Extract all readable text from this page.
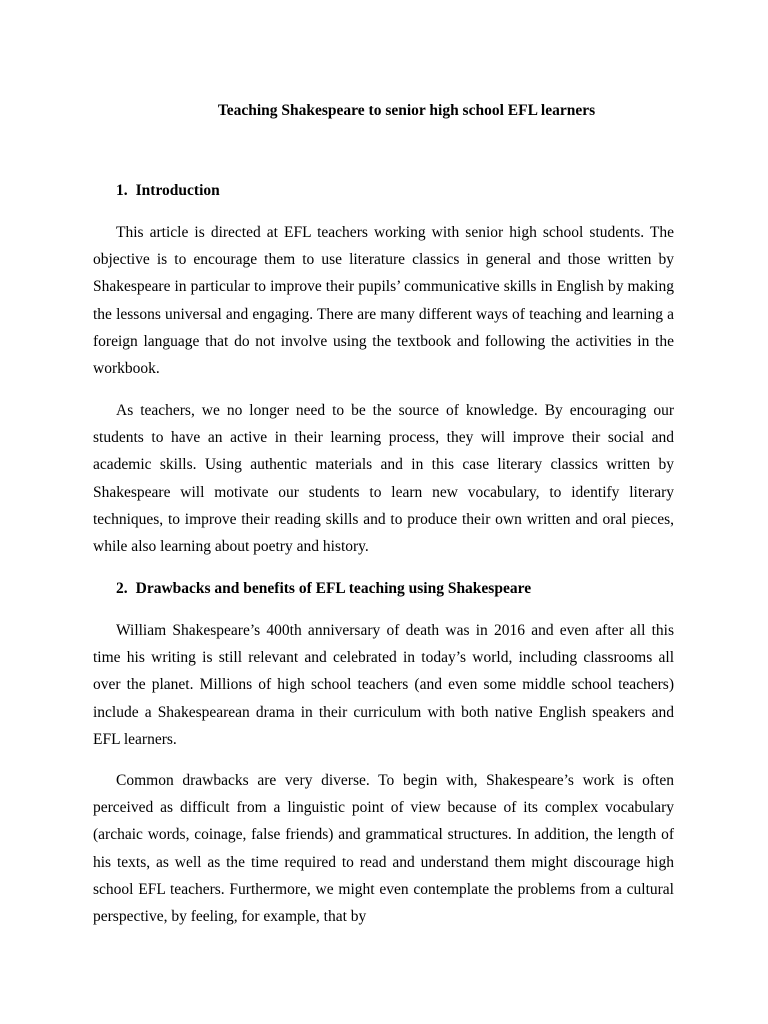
Teaching Shakespeare to senior high school EFL learners
1. Introduction

This article is directed at EFL teachers working with senior high school students. The objective is to encourage them to use literature classics in general and those written by Shakespeare in particular to improve their pupils’ communicative skills in English by making the lessons universal and engaging. There are many different ways of teaching and learning a foreign language that do not involve using the textbook and following the activities in the workbook.

As teachers, we no longer need to be the source of knowledge. By encouraging our students to have an active in their learning process, they will improve their social and academic skills. Using authentic materials and in this case literary classics written by Shakespeare will motivate our students to learn new vocabulary, to identify literary techniques, to improve their reading skills and to produce their own written and oral pieces, while also learning about poetry and history.

2. Drawbacks and benefits of EFL teaching using Shakespeare

William Shakespeare’s 400th anniversary of death was in 2016 and even after all this time his writing is still relevant and celebrated in today’s world, including classrooms all over the planet. Millions of high school teachers (and even some middle school teachers) include a Shakespearean drama in their curriculum with both native English speakers and EFL learners.

Common drawbacks are very diverse. To begin with, Shakespeare’s work is often perceived as difficult from a linguistic point of view because of its complex vocabulary (archaic words, coinage, false friends) and grammatical structures. In addition, the length of his texts, as well as the time required to read and understand them might discourage high school EFL teachers. Furthermore, we might even contemplate the problems from a cultural perspective, by feeling, for example, that by
